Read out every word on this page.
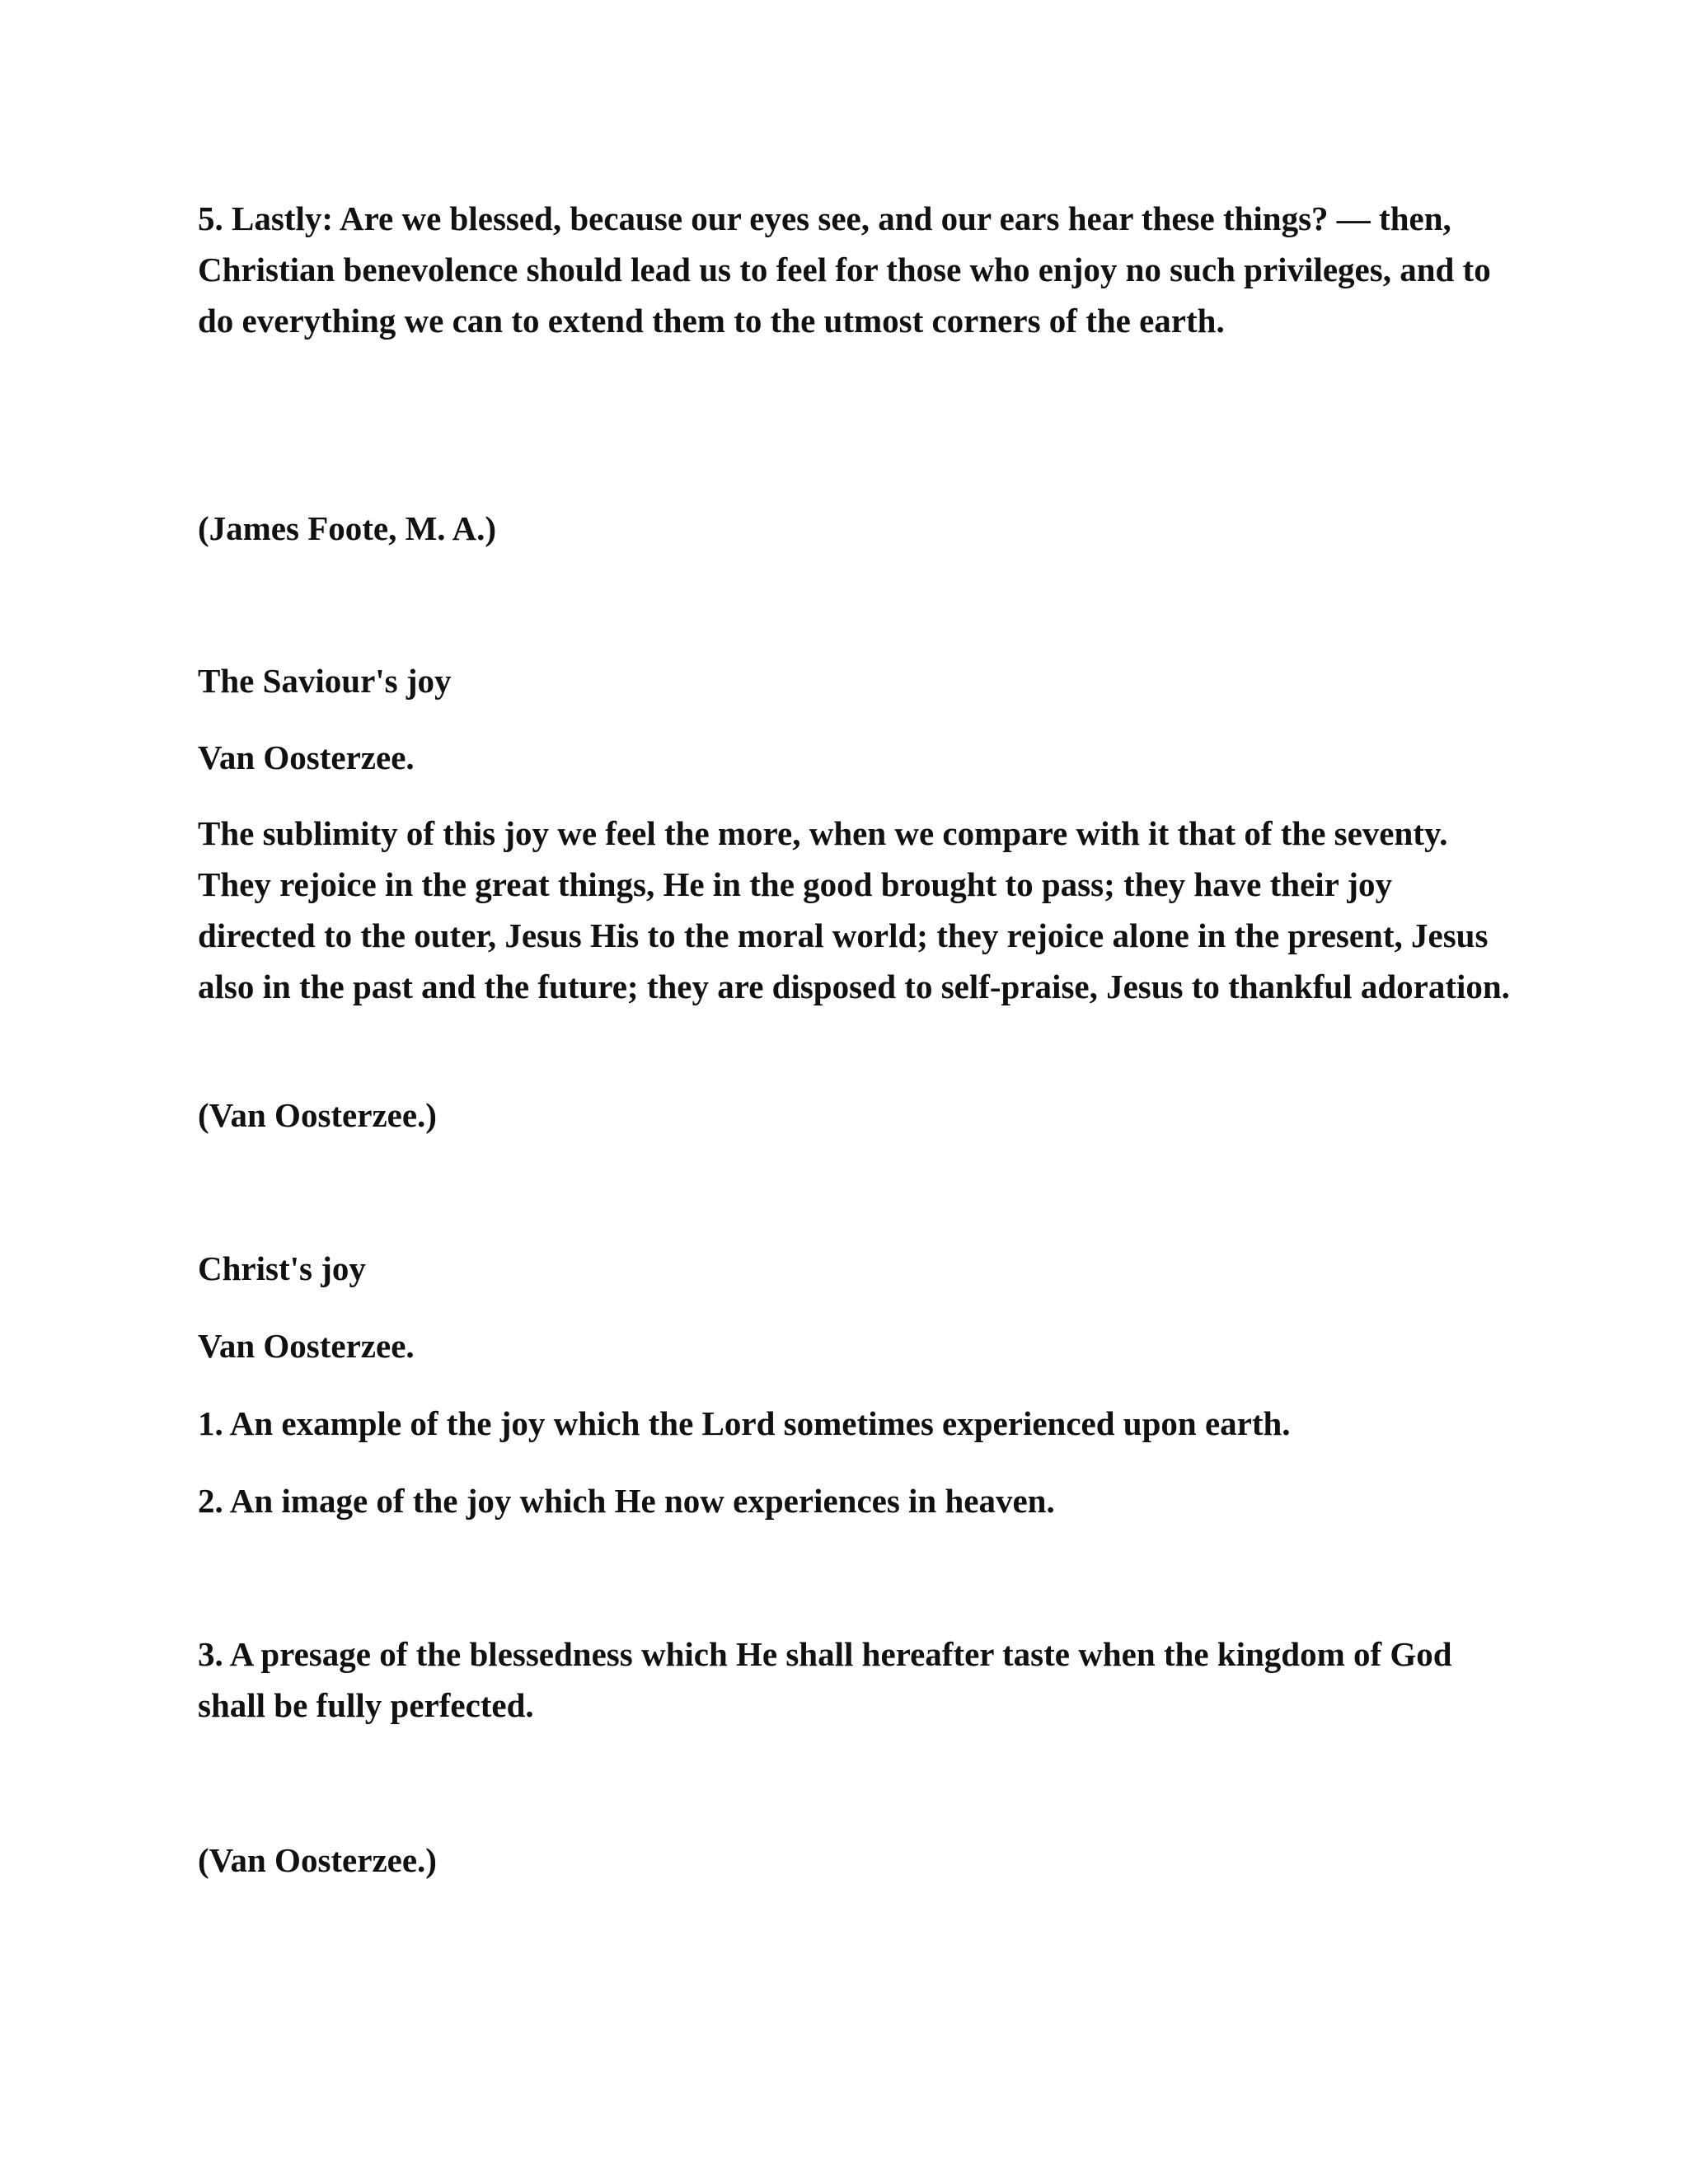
5. Lastly: Are we blessed, because our eyes see, and our ears hear these things? — then, Christian benevolence should lead us to feel for those who enjoy no such privileges, and to do everything we can to extend them to the utmost corners of the earth.

(James Foote, M. A.)

The Saviour's joy

Van Oosterzee.

The sublimity of this joy we feel the more, when we compare with it that of the seventy. They rejoice in the great things, He in the good brought to pass; they have their joy directed to the outer, Jesus His to the moral world; they rejoice alone in the present, Jesus also in the past and the future; they are disposed to self-praise, Jesus to thankful adoration.

(Van Oosterzee.)

Christ's joy

Van Oosterzee.

1. An example of the joy which the Lord sometimes experienced upon earth.

2. An image of the joy which He now experiences in heaven.

3. A presage of the blessedness which He shall hereafter taste when the kingdom of God shall be fully perfected.

(Van Oosterzee.)
